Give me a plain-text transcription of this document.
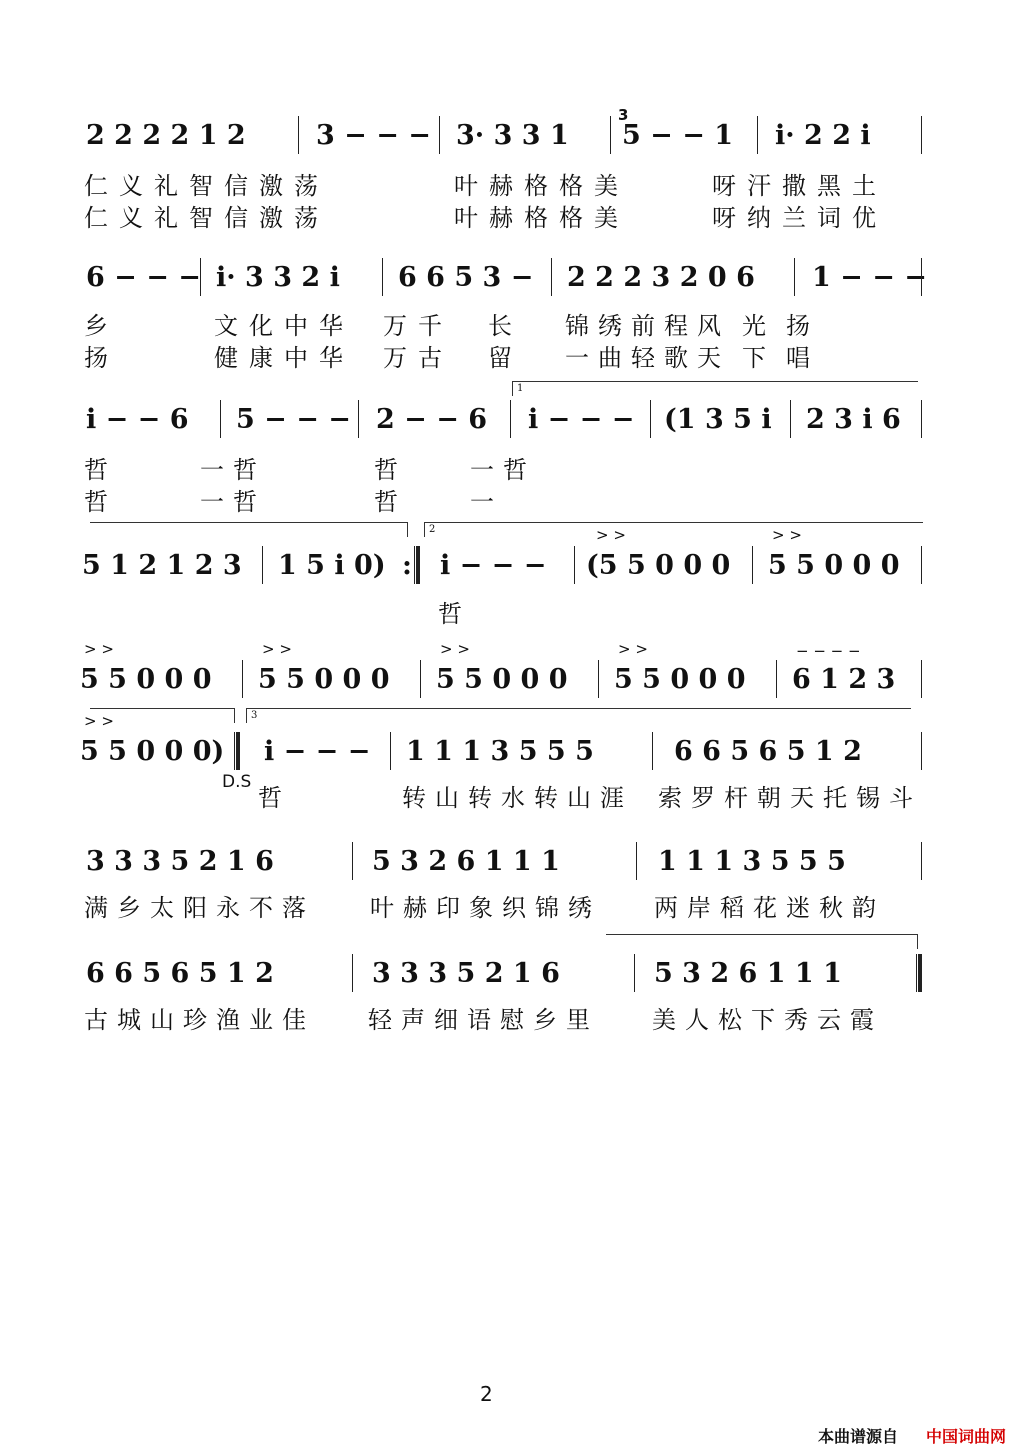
2 2 2 2 1 2	3 − − − 3· 3 3 1
3
5 − − 1 i· 2 2 i
仁义礼智信激荡	叶赫格格美	呀汗撒黑土
仁义礼智信激荡	叶赫格格美	呀纳兰词优
6 − − − i· 3 3 2 i 6 6 5 3 − 2 2 2 3 2 0 6 1 − − −
乡	文化中华 万千 长 锦绣前程风 光扬
扬	健康中华 万古 留 一曲轻歌天 下唱
1
i − − 6 5 − − − 2 − − 6 i − − − (1 3 5 i 2 3 i 6
哲	一哲	哲	一哲
哲	一哲	哲	一
2
5 1 2 1 2 3 1 5 i 0) : i − − −
> >
(5 5 0 0 0
> >
5 5 0 0 0
哲
> >
5 5 0 0 0
> >
5 5 0 0 0
> >
5 5 0 0 0
> >
5 5 0 0 0
− − − −
6 1 2 3
3
> >
5 5 0 0 0) i − − − 1 1 1 3 5 5 5	6 6 5 6 5 1 2
D.S
哲	转山转水转山涯 索罗杆朝天托锡斗
3 3 3 5 2 1 6	5 3 2 6 1 1 1	1 1 1 3 5 5 5
满乡太阳永不落 叶赫印象织锦绣 两岸稻花迷秋韵
6 6 5 6 5 1 2	3 3 3 5 2 1 6	5 3 2 6 1 1 1
古城山珍渔业佳 轻声细语慰乡里 美人松下秀云霞
2
本曲谱源自 中国词曲网
